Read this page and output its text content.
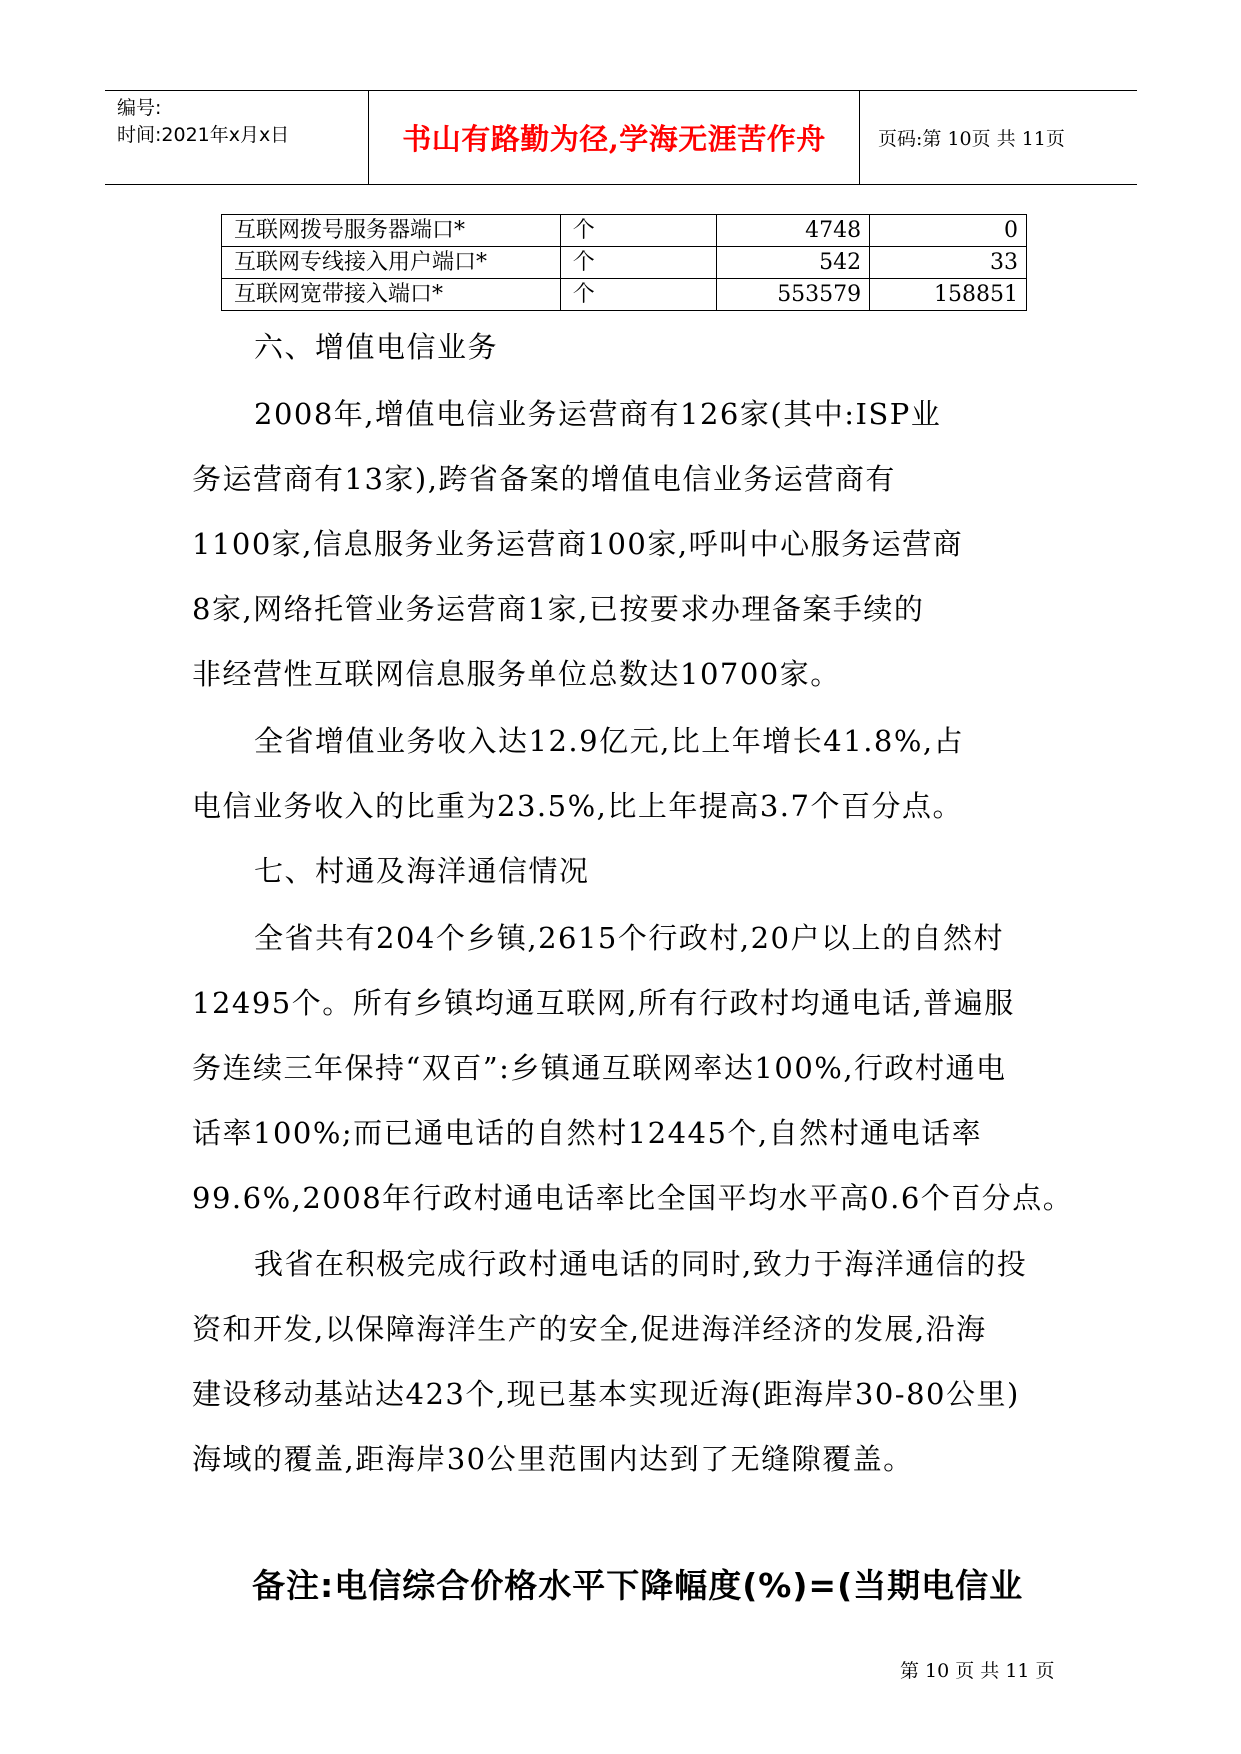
编号:
时间:2021年x月x日	书山有路勤为径,学海无涯苦作舟	页码:第 10页 共 11页
互联网拨号服务器端口*	个	4748	0
互联网专线接入用户端口*	个	542	33
互联网宽带接入端口*	个	553579	158851
六、增值电信业务
2008年,增值电信业务运营商有126家(其中:ISP业
务运营商有13家),跨省备案的增值电信业务运营商有
1100家,信息服务业务运营商100家,呼叫中心服务运营商
8家,网络托管业务运营商1家,已按要求办理备案手续的
非经营性互联网信息服务单位总数达10700家。
全省增值业务收入达12.9亿元,比上年增长41.8%,占
电信业务收入的比重为23.5%,比上年提高3.7个百分点。
七、村通及海洋通信情况
全省共有204个乡镇,2615个行政村,20户以上的自然村
12495个。所有乡镇均通互联网,所有行政村均通电话,普遍服
务连续三年保持“双百”:乡镇通互联网率达100%,行政村通电
话率100%;而已通电话的自然村12445个,自然村通电话率
99.6%,2008年行政村通电话率比全国平均水平高0.6个百分点。
我省在积极完成行政村通电话的同时,致力于海洋通信的投
资和开发,以保障海洋生产的安全,促进海洋经济的发展,沿海
建设移动基站达423个,现已基本实现近海(距海岸30-80公里)
海域的覆盖,距海岸30公里范围内达到了无缝隙覆盖。
备注:电信综合价格水平下降幅度(%)=(当期电信业
第 10 页 共 11 页
